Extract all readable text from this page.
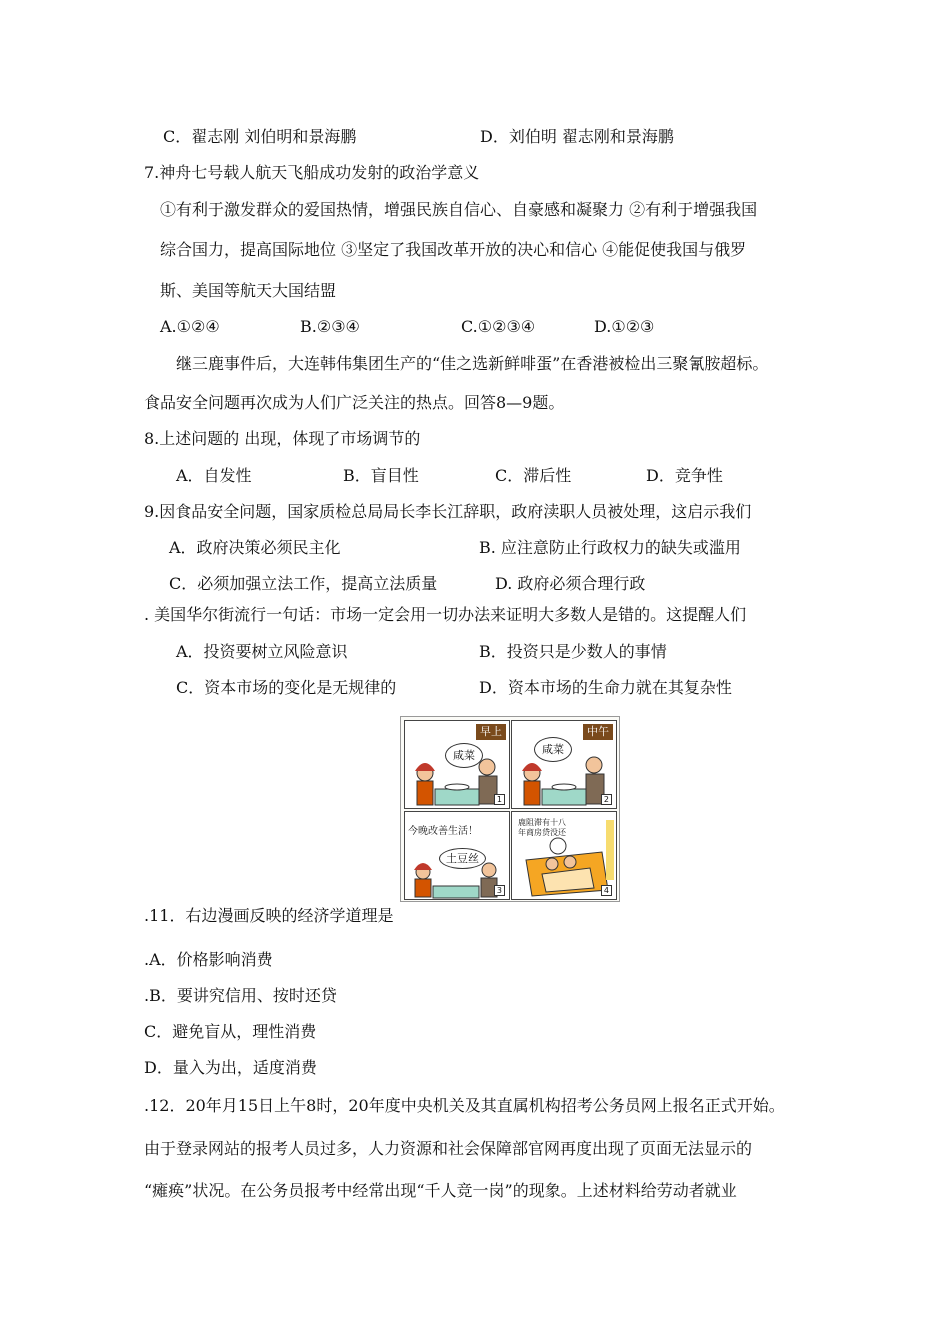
C．翟志刚 刘伯明和景海鹏	D．刘伯明 翟志刚和景海鹏
7.神舟七号载人航天飞船成功发射的政治学意义
①有利于激发群众的爱国热情，增强民族自信心、自豪感和凝聚力 ②有利于增强我国
综合国力，提高国际地位 ③坚定了我国改革开放的决心和信心 ④能促使我国与俄罗
斯、美国等航天大国结盟
A.①②④	B.②③④	C.①②③④	D.①②③
继三鹿事件后，大连韩伟集团生产的“佳之选新鲜啡蛋”在香港被检出三聚氰胺超标。
食品安全问题再次成为人们广泛关注的热点。回答8—9题。
8.上述问题的 出现，体现了市场调节的
A．自发性	B．盲目性	C．滞后性	D．竞争性
9.因食品安全问题，国家质检总局局长李长江辞职，政府渎职人员被处理，这启示我们
A．政府决策必须民主化	B. 应注意防止行政权力的缺失或滥用
C．必须加强立法工作，提高立法质量	D. 政府必须合理行政
. 美国华尔街流行一句话：市场一定会用一切办法来证明大多数人是错的。这提醒人们
A．投资要树立风险意识	B．投资只是少数人的事情
C．资本市场的变化是无规律的	D．资本市场的生命力就在其复杂性
早上
咸菜
1
中午
咸菜
2
今晚改善生活！
土豆丝
3
鹿阻滞有十八
年商房贷没还
4
.11．右边漫画反映的经济学道理是
.A．价格影响消费
.B．要讲究信用、按时还贷
C．避免盲从，理性消费
D．量入为出，适度消费
.12．20年月15日上午8时，20年度中央机关及其直属机构招考公务员网上报名正式开始。
由于登录网站的报考人员过多，人力资源和社会保障部官网再度出现了页面无法显示的
“瘫痪”状况。在公务员报考中经常出现“千人竞一岗”的现象。上述材料给劳动者就业
